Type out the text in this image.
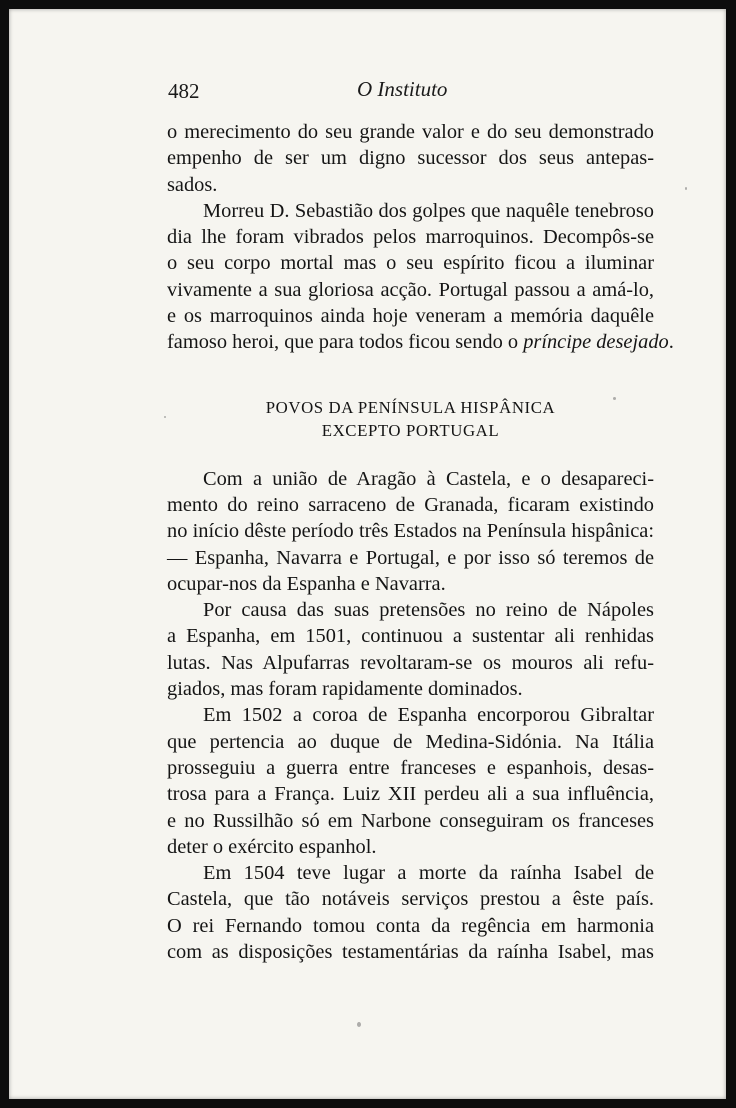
482	O Instituto

o merecimento do seu grande valor e do seu demonstrado
empenho de ser um digno sucessor dos seus antepas-
sados.

Morreu D. Sebastião dos golpes que naquêle tenebroso
dia lhe foram vibrados pelos marroquinos. Decompôs-se
o seu corpo mortal mas o seu espírito ficou a iluminar
vivamente a sua gloriosa acção. Portugal passou a amá-lo,
e os marroquinos ainda hoje veneram a memória daquêle
famoso heroi, que para todos ficou sendo o príncipe desejado.

POVOS DA PENÍNSULA HISPÂNICA
EXCEPTO PORTUGAL

Com a união de Aragão à Castela, e o desapareci-
mento do reino sarraceno de Granada, ficaram existindo
no início dêste período três Estados na Península hispânica:
— Espanha, Navarra e Portugal, e por isso só teremos de
ocupar-nos da Espanha e Navarra.

Por causa das suas pretensões no reino de Nápoles
a Espanha, em 1501, continuou a sustentar ali renhidas
lutas. Nas Alpufarras revoltaram-se os mouros ali refu-
giados, mas foram rapidamente dominados.

Em 1502 a coroa de Espanha encorporou Gibraltar
que pertencia ao duque de Medina-Sidónia. Na Itália
prosseguiu a guerra entre franceses e espanhois, desas-
trosa para a França. Luiz XII perdeu ali a sua influência,
e no Russilhão só em Narbone conseguiram os franceses
deter o exército espanhol.

Em 1504 teve lugar a morte da raínha Isabel de
Castela, que tão notáveis serviços prestou a êste país.
O rei Fernando tomou conta da regência em harmonia
com as disposições testamentárias da raínha Isabel, mas
